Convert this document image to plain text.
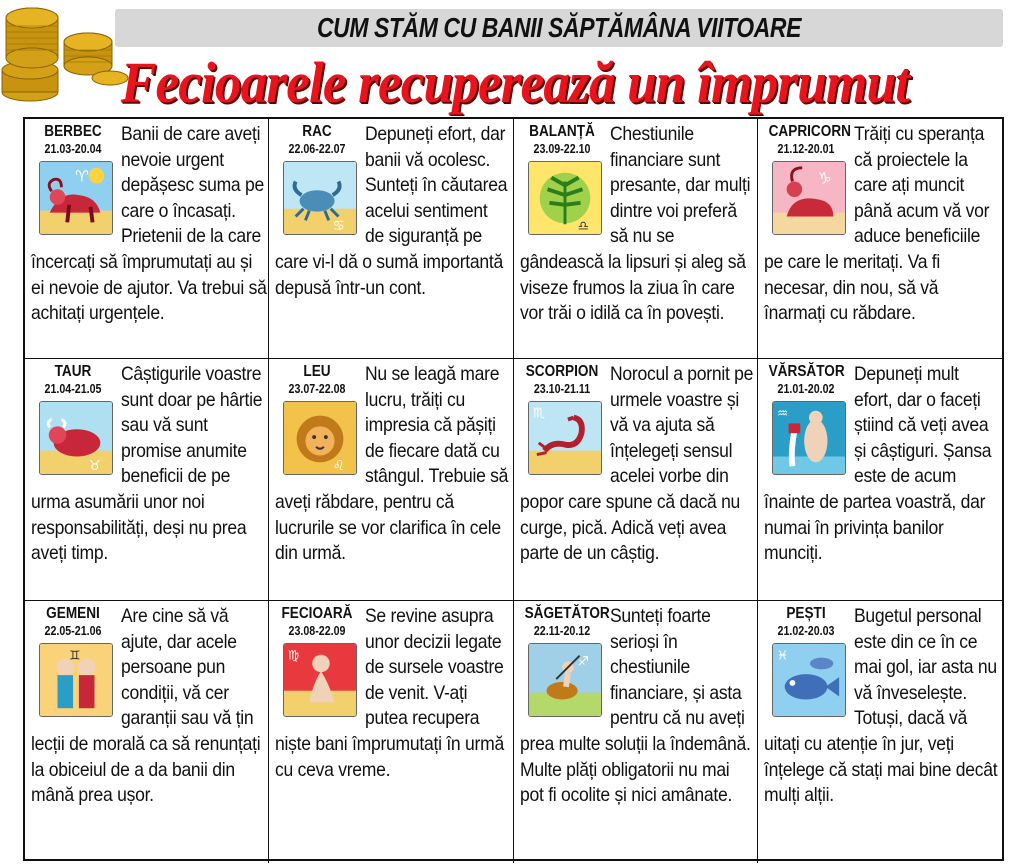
CUM STĂM CU BANII SĂPTĂMÂNA VIITOARE
Fecioarele recuperează un împrumut

Banii de care aveți nevoie urgent depășesc suma pe care o încasați. Prietenii de la care încercați să împrumutați au și ei nevoie de ajutor. Va trebui să achitați urgențele.

BERBEC
21.03-20.04
♈

Depuneți efort, dar banii vă ocolesc. Sunteți în căutarea acelui sentiment de siguranță pe care vi-l dă o sumă importantă depusă într-un cont.

RAC
22.06-22.07
♋

Chestiunile financiare sunt presante, dar mulți dintre voi preferă să nu se gândească la lipsuri și aleg să viseze frumos la ziua în care vor trăi o idilă ca în povești.

BALANȚĂ
23.09-22.10
♎

Trăiți cu speranța că proiectele la care ați muncit până acum vă vor aduce beneficiile pe care le meritați. Va fi necesar, din nou, să vă înarmați cu răbdare.

CAPRICORN
21.12-20.01
♑

Câștigurile voastre sunt doar pe hârtie sau vă sunt promise anumite beneficii de pe urma asumării unor noi responsabilități, deși nu prea aveți timp.

TAUR
21.04-21.05
♉

Nu se leagă mare lucru, trăiți cu impresia că pășiți de fiecare dată cu stângul. Trebuie să aveți răbdare, pentru că lucrurile se vor clarifica în cele din urmă.

LEU
23.07-22.08
♌

Norocul a pornit pe urmele voastre și vă va ajuta să înțelegeți sensul acelei vorbe din popor care spune că dacă nu curge, pică. Adică veți avea parte de un câștig.

SCORPION
23.10-21.11
♏

Depuneți mult efort, dar o faceți știind că veți avea și câștiguri. Șansa este de acum înainte de partea voastră, dar numai în privința banilor munciți.

VĂRSĂTOR
21.01-20.02
♒

Are cine să vă ajute, dar acele persoane pun condiții, vă cer garanții sau vă țin lecții de morală ca să renunțați la obiceiul de a da banii din mână prea ușor.

GEMENI
22.05-21.06
♊

Se revine asupra unor decizii legate de sursele voastre de venit. V-ați putea recupera niște bani împrumutați în urmă cu ceva vreme.

FECIOARĂ
23.08-22.09
♍

Sunteți foarte serioși în chestiunile financiare, și asta pentru că nu aveți prea multe soluții la îndemână. Multe plăți obligatorii nu mai pot fi ocolite și nici amânate.

SĂGETĂTOR
22.11-20.12
♐

Bugetul personal este din ce în ce mai gol, iar asta nu vă înveselește. Totuși, dacă vă uitați cu atenție în jur, veți înțelege că stați mai bine decât mulți alții.

PEȘTI
21.02-20.03
♓
